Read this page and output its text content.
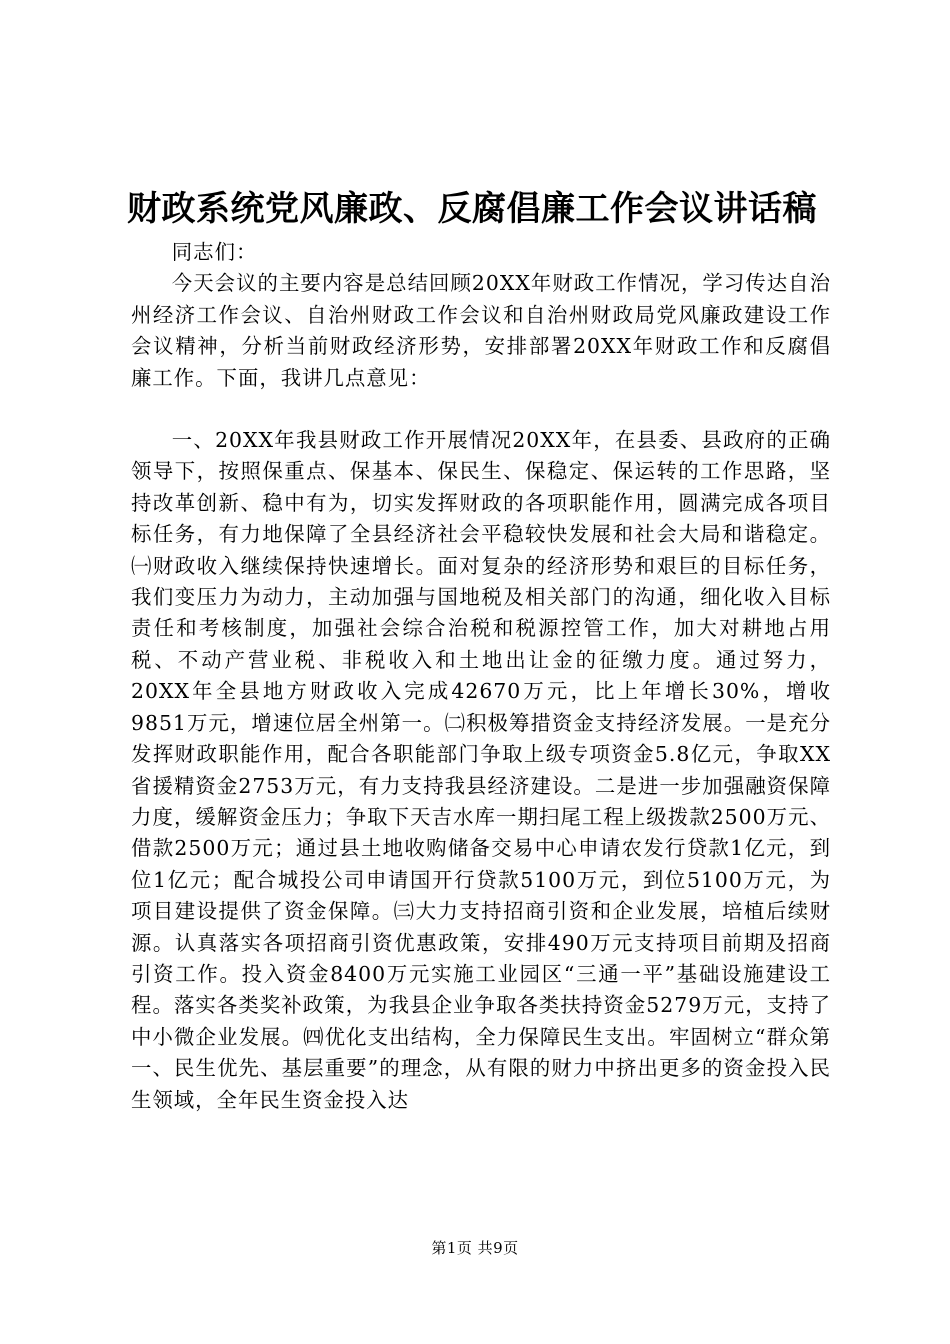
财政系统党风廉政、反腐倡廉工作会议讲话稿

同志们：

今天会议的主要内容是总结回顾20XX年财政工作情况，学习传达自治州经济工作会议、自治州财政工作会议和自治州财政局党风廉政建设工作会议精神，分析当前财政经济形势，安排部署20XX年财政工作和反腐倡廉工作。下面，我讲几点意见：

一、20XX年我县财政工作开展情况20XX年，在县委、县政府的正确领导下，按照保重点、保基本、保民生、保稳定、保运转的工作思路，坚持改革创新、稳中有为，切实发挥财政的各项职能作用，圆满完成各项目标任务，有力地保障了全县经济社会平稳较快发展和社会大局和谐稳定。㈠财政收入继续保持快速增长。面对复杂的经济形势和艰巨的目标任务，我们变压力为动力，主动加强与国地税及相关部门的沟通，细化收入目标责任和考核制度，加强社会综合治税和税源控管工作，加大对耕地占用税、不动产营业税、非税收入和土地出让金的征缴力度。通过努力，20XX年全县地方财政收入完成42670万元，比上年增长30%，增收9851万元，增速位居全州第一。㈡积极筹措资金支持经济发展。一是充分发挥财政职能作用，配合各职能部门争取上级专项资金5.8亿元，争取XX省援精资金2753万元，有力支持我县经济建设。二是进一步加强融资保障力度，缓解资金压力；争取下天吉水库一期扫尾工程上级拨款2500万元、借款2500万元；通过县土地收购储备交易中心申请农发行贷款1亿元，到位1亿元；配合城投公司申请国开行贷款5100万元，到位5100万元，为项目建设提供了资金保障。㈢大力支持招商引资和企业发展，培植后续财源。认真落实各项招商引资优惠政策，安排490万元支持项目前期及招商引资工作。投入资金8400万元实施工业园区“三通一平”基础设施建设工程。落实各类奖补政策，为我县企业争取各类扶持资金5279万元，支持了中小微企业发展。㈣优化支出结构，全力保障民生支出。牢固树立“群众第一、民生优先、基层重要”的理念，从有限的财力中挤出更多的资金投入民生领域，全年民生资金投入达

第1页 共9页
